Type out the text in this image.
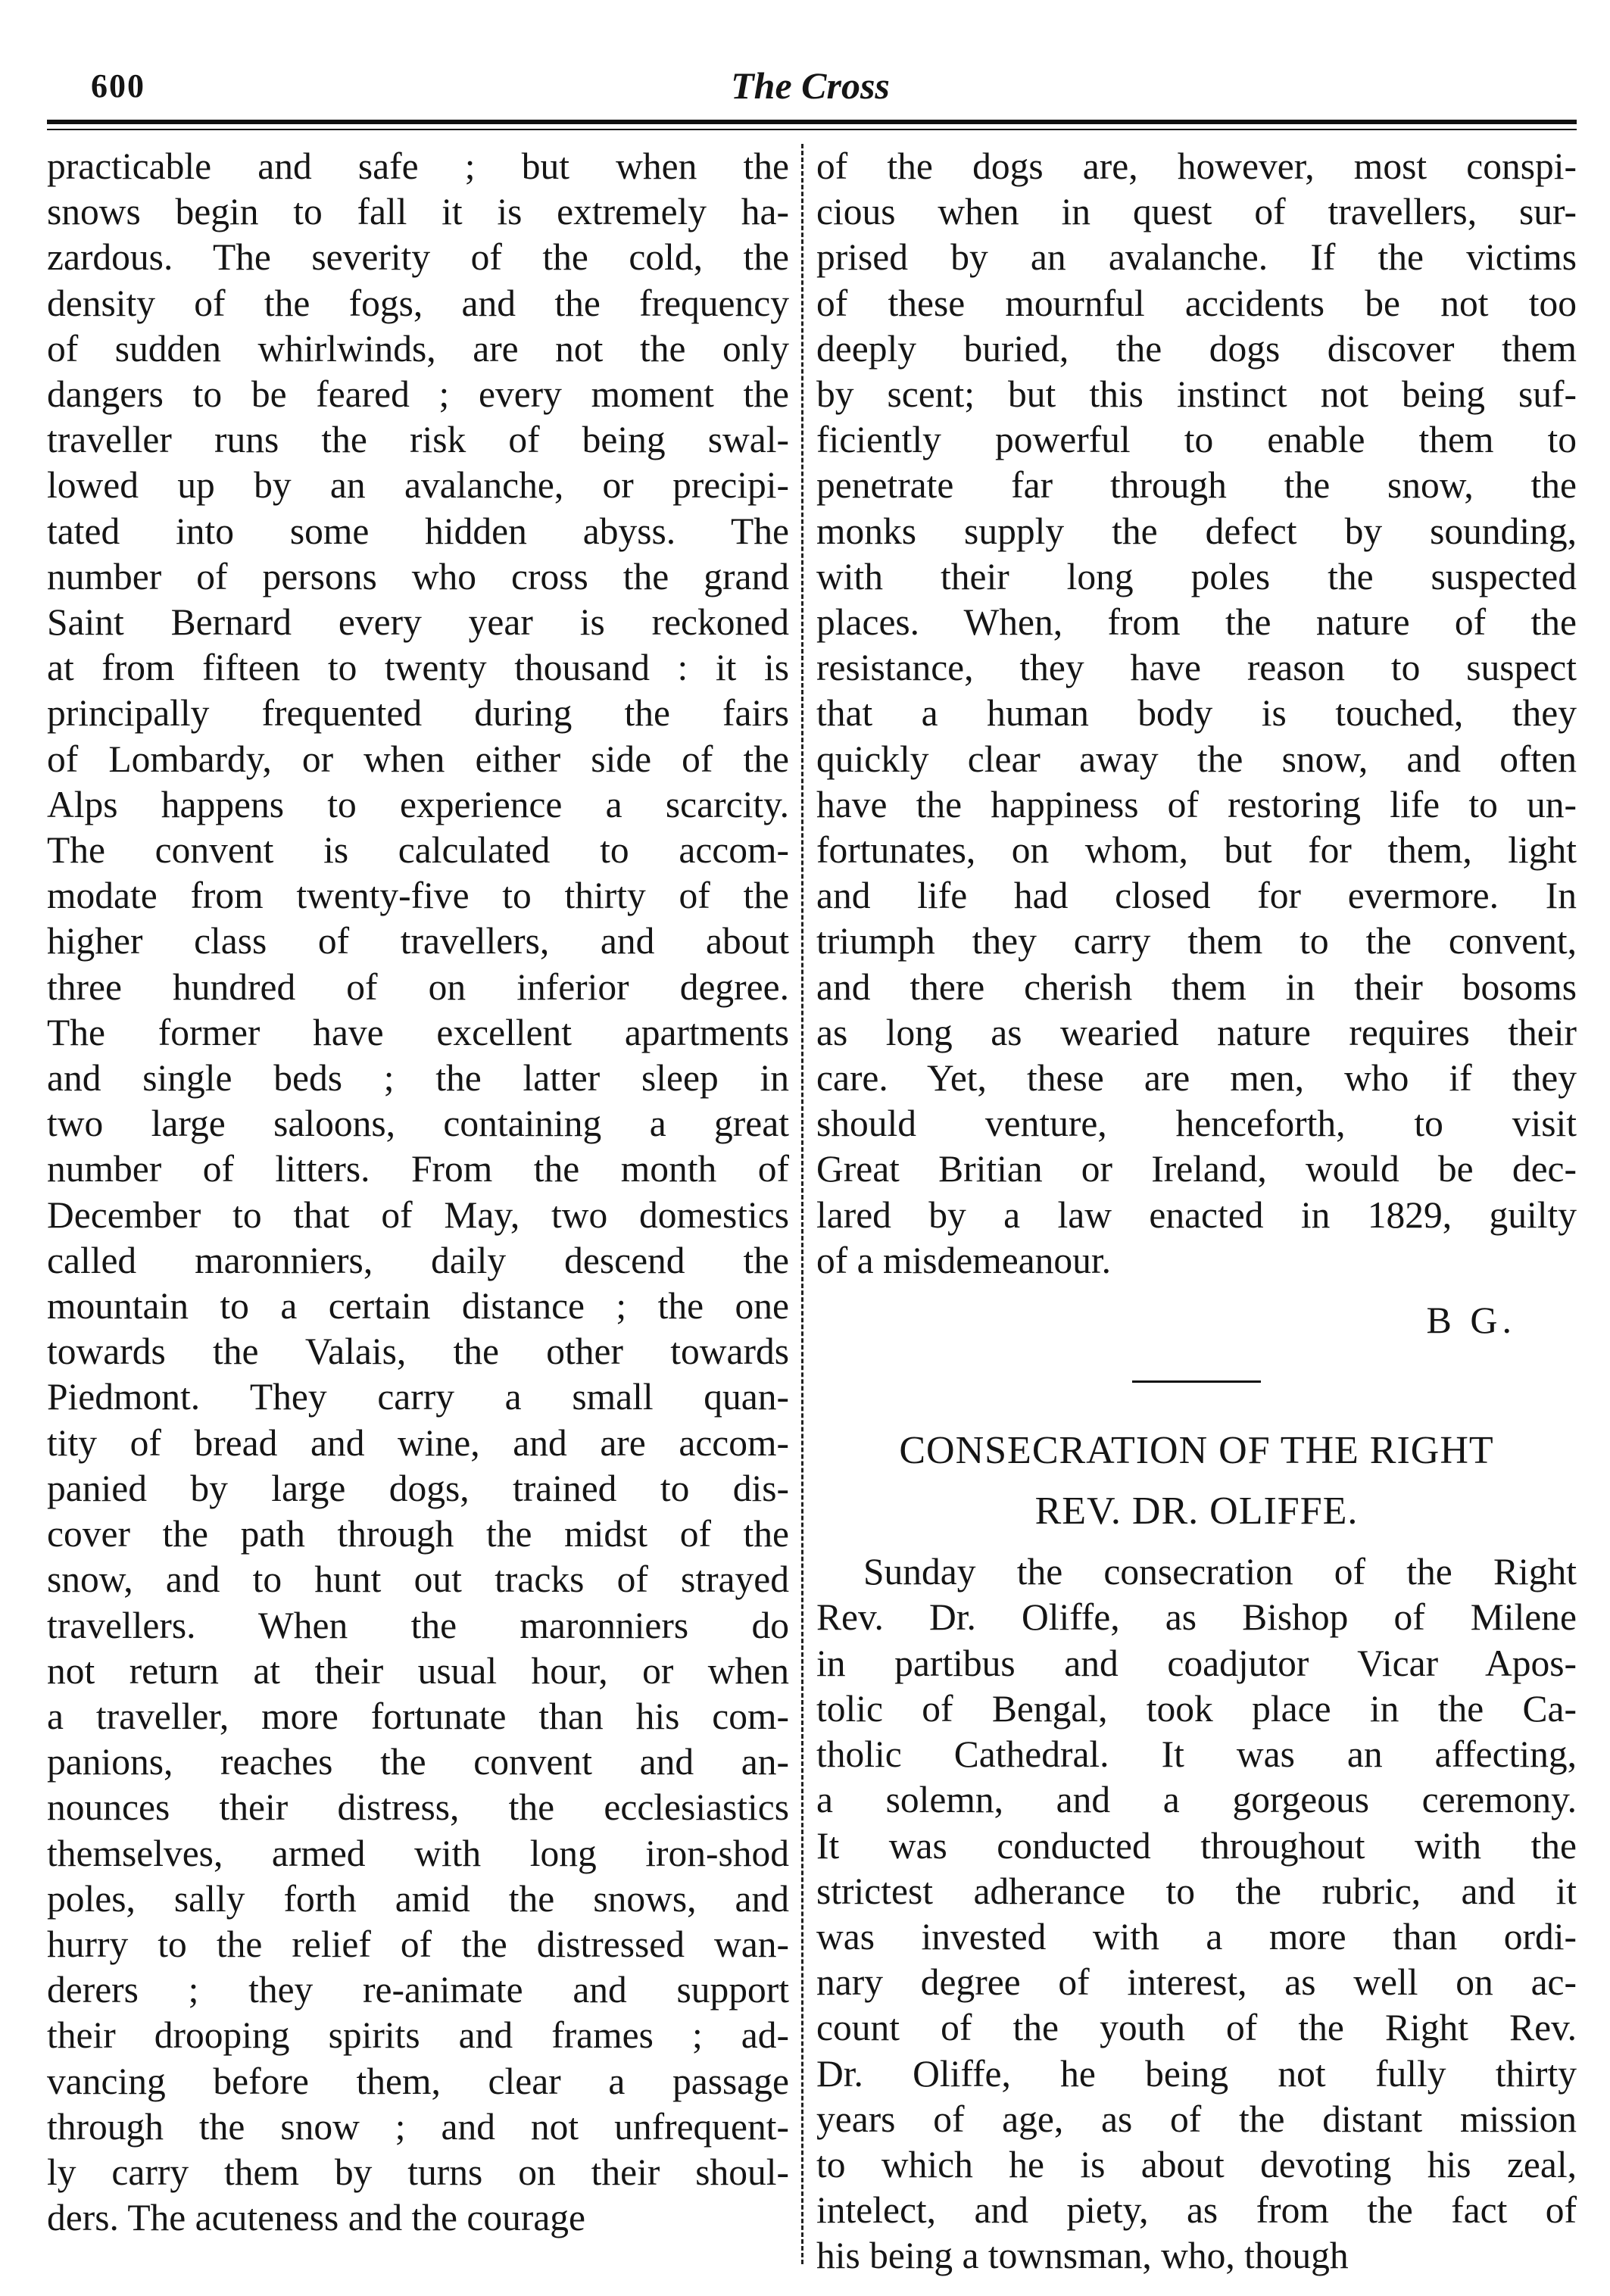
600	The Cross
practicable and safe ; but when the
snows begin to fall it is extremely ha-
zardous. The severity of the cold, the
density of the fogs, and the frequency
of sudden whirlwinds, are not the only
dangers to be feared ; every moment the
traveller runs the risk of being swal-
lowed up by an avalanche, or precipi-
tated into some hidden abyss. The
number of persons who cross the grand
Saint Bernard every year is reckoned
at from fifteen to twenty thousand : it is
principally frequented during the fairs
of Lombardy, or when either side of the
Alps happens to experience a scarcity.
The convent is calculated to accom-
modate from twenty-five to thirty of the
higher class of travellers, and about
three hundred of on inferior degree.
The former have excellent apartments
and single beds ; the latter sleep in
two large saloons, containing a great
number of litters. From the month of
December to that of May, two domestics
called maronniers, daily descend the
mountain to a certain distance ; the one
towards the Valais, the other towards
Piedmont. They carry a small quan-
tity of bread and wine, and are accom-
panied by large dogs, trained to dis-
cover the path through the midst of the
snow, and to hunt out tracks of strayed
travellers. When the maronniers do
not return at their usual hour, or when
a traveller, more fortunate than his com-
panions, reaches the convent and an-
nounces their distress, the ecclesiastics
themselves, armed with long iron-shod
poles, sally forth amid the snows, and
hurry to the relief of the distressed wan-
derers ; they re-animate and support
their drooping spirits and frames ; ad-
vancing before them, clear a passage
through the snow ; and not unfrequent-
ly carry them by turns on their shoul-
ders. The acuteness and the courage
of the dogs are, however, most conspi-
cious when in quest of travellers, sur-
prised by an avalanche. If the victims
of these mournful accidents be not too
deeply buried, the dogs discover them
by scent; but this instinct not being suf-
ficiently powerful to enable them to
penetrate far through the snow, the
monks supply the defect by sounding,
with their long poles the suspected
places. When, from the nature of the
resistance, they have reason to suspect
that a human body is touched, they
quickly clear away the snow, and often
have the happiness of restoring life to un-
fortunates, on whom, but for them, light
and life had closed for evermore. In
triumph they carry them to the convent,
and there cherish them in their bosoms
as long as wearied nature requires their
care. Yet, these are men, who if they
should venture, henceforth, to visit
Great Britian or Ireland, would be dec-
lared by a law enacted in 1829, guilty
of a misdemeanour.
B G.
CONSECRATION OF THE RIGHT
REV. DR. OLIFFE.
Sunday the consecration of the Right
Rev. Dr. Oliffe, as Bishop of Milene
in partibus and coadjutor Vicar Apos-
tolic of Bengal, took place in the Ca-
tholic Cathedral. It was an affecting,
a solemn, and a gorgeous ceremony.
It was conducted throughout with the
strictest adherance to the rubric, and it
was invested with a more than ordi-
nary degree of interest, as well on ac-
count of the youth of the Right Rev.
Dr. Oliffe, he being not fully thirty
years of age, as of the distant mission
to which he is about devoting his zeal,
intelect, and piety, as from the fact of
his being a townsman, who, though
